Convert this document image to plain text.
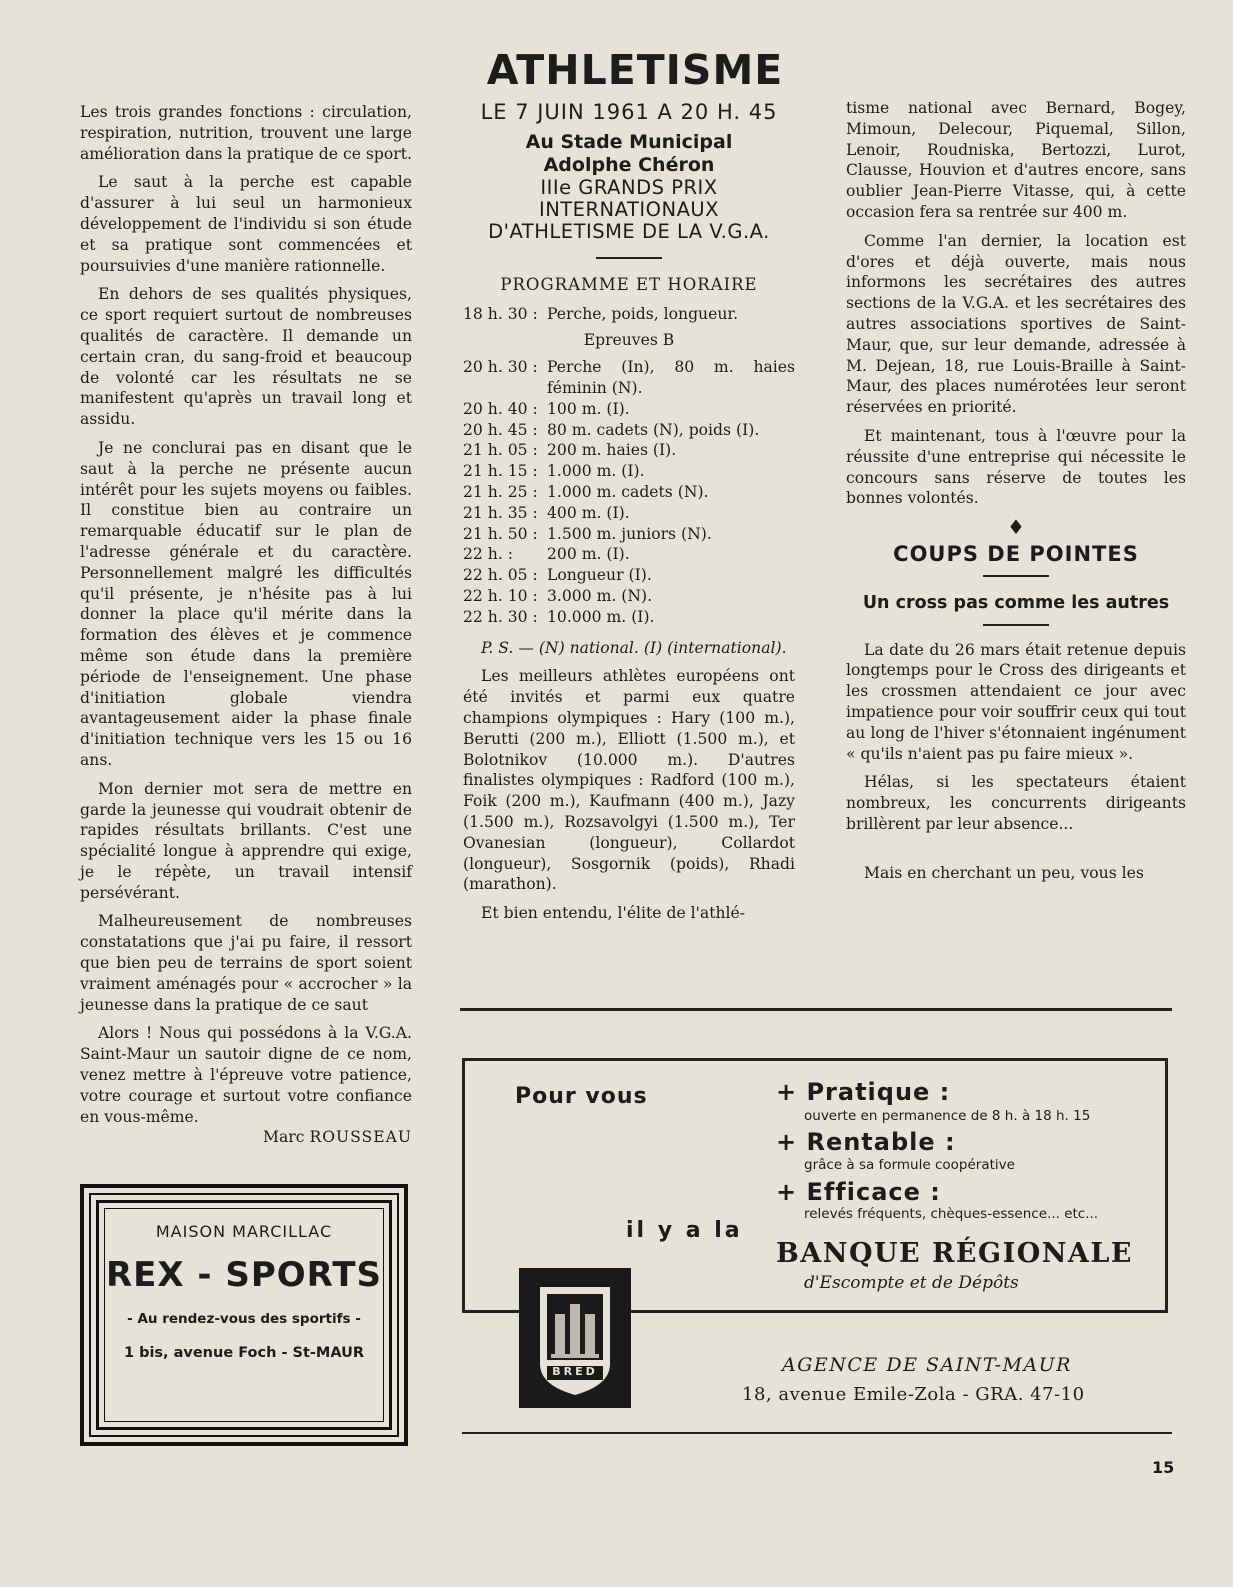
ATHLETISME

Les trois grandes fonctions : circulation, respiration, nutrition, trouvent une large amélioration dans la pratique de ce sport.

Le saut à la perche est capable d'assurer à lui seul un harmonieux développement de l'individu si son étude et sa pratique sont commencées et poursuivies d'une manière rationnelle.

En dehors de ses qualités physiques, ce sport requiert surtout de nombreuses qualités de caractère. Il demande un certain cran, du sang-froid et beaucoup de volonté car les résultats ne se manifestent qu'après un travail long et assidu.

Je ne conclurai pas en disant que le saut à la perche ne présente aucun intérêt pour les sujets moyens ou faibles. Il constitue bien au contraire un remarquable éducatif sur le plan de l'adresse générale et du caractère. Personnellement malgré les difficultés qu'il présente, je n'hésite pas à lui donner la place qu'il mérite dans la formation des élèves et je commence même son étude dans la première période de l'enseignement. Une phase d'initiation globale viendra avantageusement aider la phase finale d'initiation technique vers les 15 ou 16 ans.

Mon dernier mot sera de mettre en garde la jeunesse qui voudrait obtenir de rapides résultats brillants. C'est une spécialité longue à apprendre qui exige, je le répète, un travail intensif persévérant.

Malheureusement de nombreuses constatations que j'ai pu faire, il ressort que bien peu de terrains de sport soient vraiment aménagés pour « accrocher » la jeunesse dans la pratique de ce saut

Alors ! Nous qui possédons à la V.G.A. Saint-Maur un sautoir digne de ce nom, venez mettre à l'épreuve votre patience, votre courage et surtout votre confiance en vous-même.

Marc ROUSSEAU
LE 7 JUIN 1961 A 20 H. 45
Au Stade Municipal
Adolphe Chéron
IIIe GRANDS PRIX
INTERNATIONAUX
D'ATHLETISME DE LA V.G.A.
PROGRAMME ET HORAIRE
18 h. 30 : Perche, poids, longueur.
Epreuves B
20 h. 30 : Perche (In), 80 m. haies féminin (N).
20 h. 40 : 100 m. (I).
20 h. 45 : 80 m. cadets (N), poids (I).
21 h. 05 : 200 m. haies (I).
21 h. 15 : 1.000 m. (I).
21 h. 25 : 1.000 m. cadets (N).
21 h. 35 : 400 m. (I).
21 h. 50 : 1.500 m. juniors (N).
22 h. :	200 m. (I).
22 h. 05 : Longueur (I).
22 h. 10 : 3.000 m. (N).
22 h. 30 : 10.000 m. (I).

P. S. — (N) national. (I) (international).

Les meilleurs athlètes européens ont été invités et parmi eux quatre champions olympiques : Hary (100 m.), Berutti (200 m.), Elliott (1.500 m.), et Bolotnikov (10.000 m.). D'autres finalistes olympiques : Radford (100 m.), Foik (200 m.), Kaufmann (400 m.), Jazy (1.500 m.), Rozsavolgyi (1.500 m.), Ter Ovanesian (longueur), Collardot (longueur), Sosgornik (poids), Rhadi (marathon).

Et bien entendu, l'élite de l'athlé-

tisme national avec Bernard, Bogey, Mimoun, Delecour, Piquemal, Sillon, Lenoir, Roudniska, Bertozzi, Lurot, Clausse, Houvion et d'autres encore, sans oublier Jean-Pierre Vitasse, qui, à cette occasion fera sa rentrée sur 400 m.

Comme l'an dernier, la location est d'ores et déjà ouverte, mais nous informons les secrétaires des autres sections de la V.G.A. et les secrétaires des autres associations sportives de Saint-Maur, que, sur leur demande, adressée à M. Dejean, 18, rue Louis-Braille à Saint-Maur, des places numérotées leur seront réservées en priorité.

Et maintenant, tous à l'œuvre pour la réussite d'une entreprise qui nécessite le concours sans réserve de toutes les bonnes volontés.

♦
COUPS DE POINTES
Un cross pas comme les autres

La date du 26 mars était retenue depuis longtemps pour le Cross des dirigeants et les crossmen attendaient ce jour avec impatience pour voir souffrir ceux qui tout au long de l'hiver s'étonnaient ingénument « qu'ils n'aient pas pu faire mieux ».

Hélas, si les spectateurs étaient nombreux, les concurrents dirigeants brillèrent par leur absence...

Mais en cherchant un peu, vous les

MAISON MARCILLAC
REX - SPORTS
- Au rendez-vous des sportifs -
1 bis, avenue Foch - St-MAUR
Pour vous
il y a la
+ Pratique :
ouverte en permanence de 8 h. à 18 h. 15
+ Rentable :
grâce à sa formule coopérative
+ Efficace :
relevés fréquents, chèques-essence... etc...
BANQUE RÉGIONALE
d'Escompte et de Dépôts
BRED	AGENCE DE SAINT-MAUR
18, avenue Emile-Zola - GRA. 47-10
15
